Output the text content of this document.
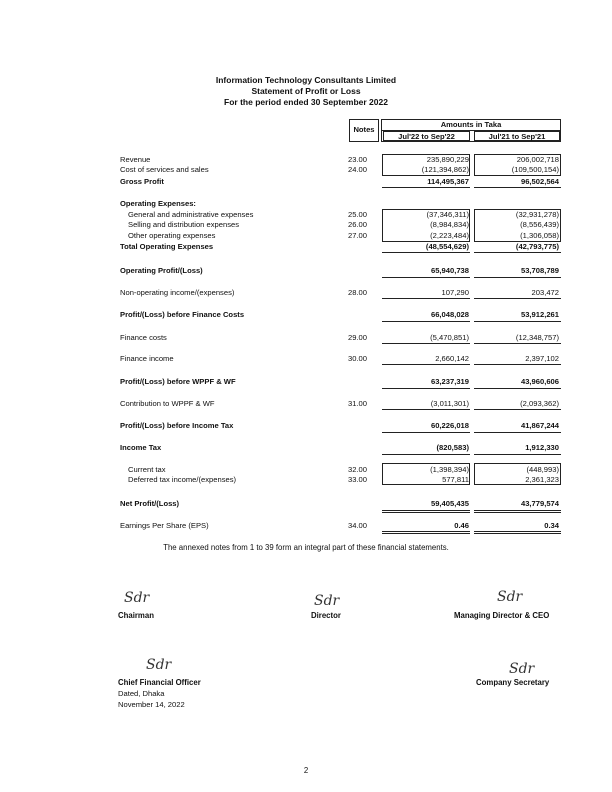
Information Technology Consultants Limited
Statement of Profit or Loss
For the period ended 30 September 2022
Notes
Amounts in Taka
Jul'22 to Sep'22	Jul'21 to Sep'21
Revenue	23.00	235,890,229	206,002,718
Cost of services and sales	24.00	(121,394,862)	(109,500,154)
Gross Profit	114,495,367	96,502,564
Operating Expenses:
General and administrative expenses	25.00	(37,346,311)	(32,931,278)
Selling and distribution expenses	26.00	(8,984,834)	(8,556,439)
Other operating expenses	27.00	(2,223,484)	(1,306,058)
Total Operating Expenses	(48,554,629)	(42,793,775)
Operating Profit/(Loss)	65,940,738	53,708,789
Non-operating income/(expenses)	28.00	107,290	203,472
Profit/(Loss) before Finance Costs	66,048,028	53,912,261
Finance costs	29.00	(5,470,851)	(12,348,757)
Finance income	30.00	2,660,142	2,397,102
Profit/(Loss) before WPPF & WF	63,237,319	43,960,606
Contribution to WPPF & WF	31.00	(3,011,301)	(2,093,362)
Profit/(Loss) before Income Tax	60,226,018	41,867,244
Income Tax	(820,583)	1,912,330
Current tax	32.00	(1,398,394)	(448,993)
Deferred tax income/(expenses)	33.00	577,811	2,361,323
Net Profit/(Loss)	59,405,435	43,779,574
Earnings Per Share (EPS)	34.00	0.46	0.34
The annexed notes from 1 to 39 form an integral part of these financial statements.
Sdr
Chairman
Sdr
Director
Sdr
Managing Director & CEO
Sdr
Chief Financial Officer
Dated, Dhaka
November 14, 2022
Sdr
Company Secretary
2
